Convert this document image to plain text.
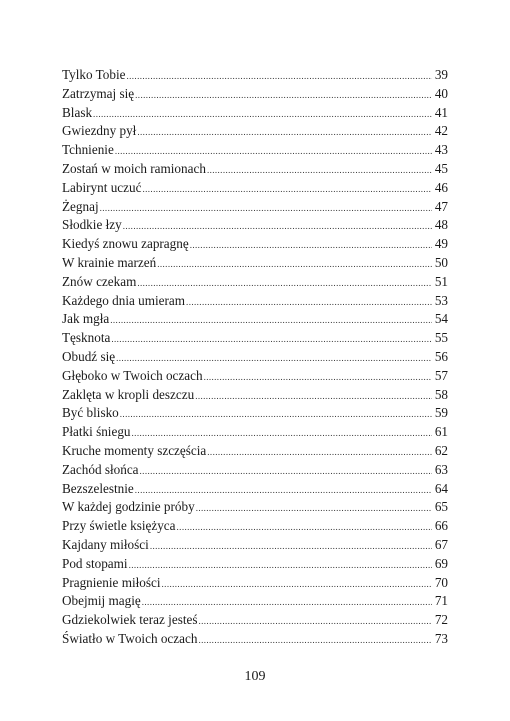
Tylko Tobie .....	39
Zatrzymaj się .....	40
Blask .....	41
Gwiezdny pył .....	42
Tchnienie .....	43
Zostań w moich ramionach .....	45
Labirynt uczuć .....	46
Żegnaj .....	47
Słodkie łzy .....	48
Kiedyś znowu zapragnę .....	49
W krainie marzeń .....	50
Znów czekam .....	51
Każdego dnia umieram .....	53
Jak mgła .....	54
Tęsknota .....	55
Obudź się .....	56
Głęboko w Twoich oczach .....	57
Zaklęta w kropli deszczu .....	58
Być blisko .....	59
Płatki śniegu .....	61
Kruche momenty szczęścia .....	62
Zachód słońca .....	63
Bezszelestnie .....	64
W każdej godzinie próby .....	65
Przy świetle księżyca .....	66
Kajdany miłości .....	67
Pod stopami .....	69
Pragnienie miłości .....	70
Obejmij magię .....	71
Gdziekolwiek teraz jesteś .....	72
Światło w Twoich oczach .....	73
109
